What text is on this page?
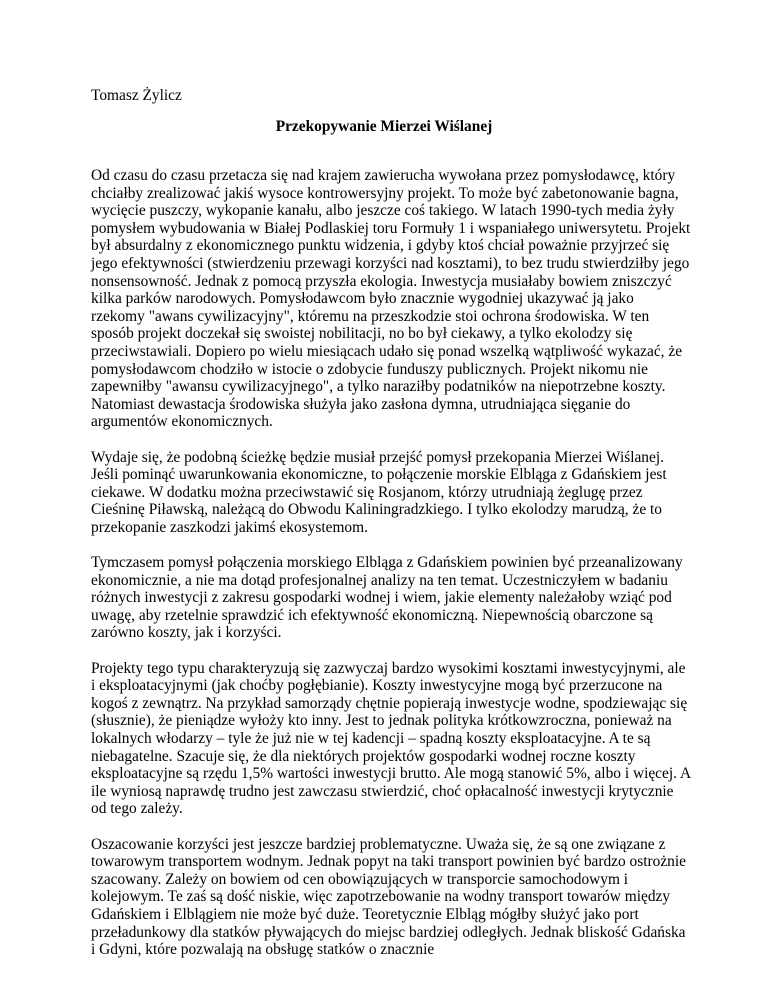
Tomasz Żylicz

Przekopywanie Mierzei Wiślanej

Od czasu do czasu przetacza się nad krajem zawierucha wywołana przez pomysłodawcę, który chciałby zrealizować jakiś wysoce kontrowersyjny projekt. To może być zabetonowanie bagna, wycięcie puszczy, wykopanie kanału, albo jeszcze coś takiego. W latach 1990-tych media żyły pomysłem wybudowania w Białej Podlaskiej toru Formuły 1 i wspaniałego uniwersytetu. Projekt był absurdalny z ekonomicznego punktu widzenia, i gdyby ktoś chciał poważnie przyjrzeć się jego efektywności (stwierdzeniu przewagi korzyści nad kosztami), to bez trudu stwierdziłby jego nonsensowność. Jednak z pomocą przyszła ekologia. Inwestycja musiałaby bowiem zniszczyć kilka parków narodowych. Pomysłodawcom było znacznie wygodniej ukazywać ją jako rzekomy "awans cywilizacyjny", któremu na przeszkodzie stoi ochrona środowiska. W ten sposób projekt doczekał się swoistej nobilitacji, no bo był ciekawy, a tylko ekolodzy się przeciwstawiali. Dopiero po wielu miesiącach udało się ponad wszelką wątpliwość wykazać, że pomysłodawcom chodziło w istocie o zdobycie funduszy publicznych. Projekt nikomu nie zapewniłby "awansu cywilizacyjnego", a tylko naraziłby podatników na niepotrzebne koszty. Natomiast dewastacja środowiska służyła jako zasłona dymna, utrudniająca sięganie do argumentów ekonomicznych.

Wydaje się, że podobną ścieżkę będzie musiał przejść pomysł przekopania Mierzei Wiślanej. Jeśli pominąć uwarunkowania ekonomiczne, to połączenie morskie Elbląga z Gdańskiem jest ciekawe. W dodatku można przeciwstawić się Rosjanom, którzy utrudniają żeglugę przez Cieśninę Piławską, należącą do Obwodu Kaliningradzkiego. I tylko ekolodzy marudzą, że to przekopanie zaszkodzi jakimś ekosystemom.

Tymczasem pomysł połączenia morskiego Elbląga z Gdańskiem powinien być przeanalizowany ekonomicznie, a nie ma dotąd profesjonalnej analizy na ten temat. Uczestniczyłem w badaniu różnych inwestycji z zakresu gospodarki wodnej i wiem, jakie elementy należałoby wziąć pod uwagę, aby rzetelnie sprawdzić ich efektywność ekonomiczną. Niepewnością obarczone są zarówno koszty, jak i korzyści.

Projekty tego typu charakteryzują się zazwyczaj bardzo wysokimi kosztami inwestycyjnymi, ale i eksploatacyjnymi (jak choćby pogłębianie). Koszty inwestycyjne mogą być przerzucone na kogoś z zewnątrz. Na przykład samorządy chętnie popierają inwestycje wodne, spodziewając się (słusznie), że pieniądze wyłoży kto inny. Jest to jednak polityka krótkowzroczna, ponieważ na lokalnych włodarzy – tyle że już nie w tej kadencji – spadną koszty eksploatacyjne. A te są niebagatelne. Szacuje się, że dla niektórych projektów gospodarki wodnej roczne koszty eksploatacyjne są rzędu 1,5% wartości inwestycji brutto. Ale mogą stanowić 5%, albo i więcej. A ile wyniosą naprawdę trudno jest zawczasu stwierdzić, choć opłacalność inwestycji krytycznie od tego zależy.

Oszacowanie korzyści jest jeszcze bardziej problematyczne. Uważa się, że są one związane z towarowym transportem wodnym. Jednak popyt na taki transport powinien być bardzo ostrożnie szacowany. Zależy on bowiem od cen obowiązujących w transporcie samochodowym i kolejowym. Te zaś są dość niskie, więc zapotrzebowanie na wodny transport towarów między Gdańskiem i Elblągiem nie może być duże. Teoretycznie Elbląg mógłby służyć jako port przeładunkowy dla statków pływających do miejsc bardziej odległych. Jednak bliskość Gdańska i Gdyni, które pozwalają na obsługę statków o znacznie
